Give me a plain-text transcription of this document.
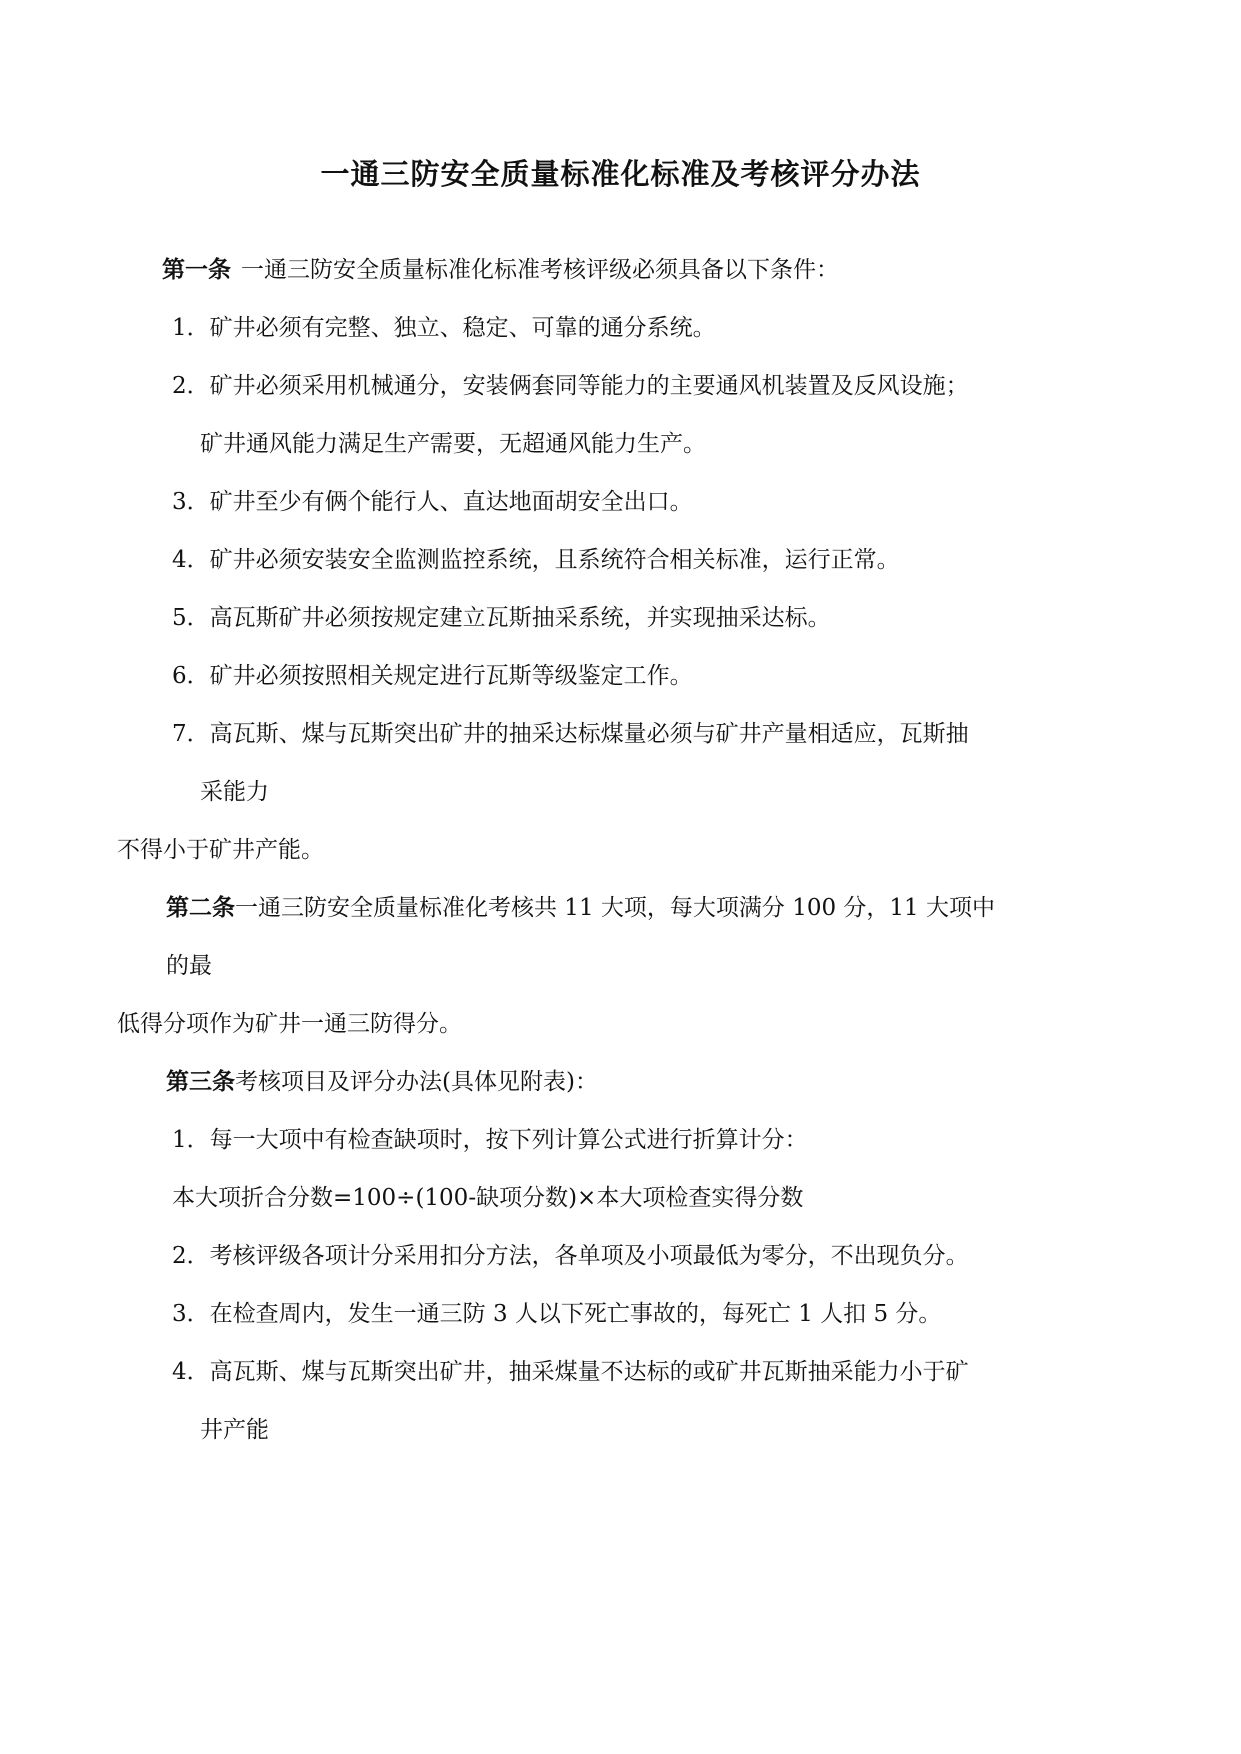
一通三防安全质量标准化标准及考核评分办法

第一条 一通三防安全质量标准化标准考核评级必须具备以下条件：

1．矿井必须有完整、独立、稳定、可靠的通分系统。

2．矿井必须采用机械通分，安装俩套同等能力的主要通风机装置及反风设施；

矿井通风能力满足生产需要，无超通风能力生产。

3．矿井至少有俩个能行人、直达地面胡安全出口。

4．矿井必须安装安全监测监控系统，且系统符合相关标准，运行正常。

5．高瓦斯矿井必须按规定建立瓦斯抽采系统，并实现抽采达标。

6．矿井必须按照相关规定进行瓦斯等级鉴定工作。

7．高瓦斯、煤与瓦斯突出矿井的抽采达标煤量必须与矿井产量相适应，瓦斯抽

采能力

不得小于矿井产能。

第二条一通三防安全质量标准化考核共 11 大项，每大项满分 100 分，11 大项中

的最

低得分项作为矿井一通三防得分。

第三条考核项目及评分办法(具体见附表)：

1．每一大项中有检查缺项时，按下列计算公式进行折算计分：

本大项折合分数=100÷(100-缺项分数)×本大项检查实得分数

2．考核评级各项计分采用扣分方法，各单项及小项最低为零分，不出现负分。

3．在检查周内，发生一通三防 3 人以下死亡事故的，每死亡 1 人扣 5 分。

4．高瓦斯、煤与瓦斯突出矿井，抽采煤量不达标的或矿井瓦斯抽采能力小于矿

井产能
